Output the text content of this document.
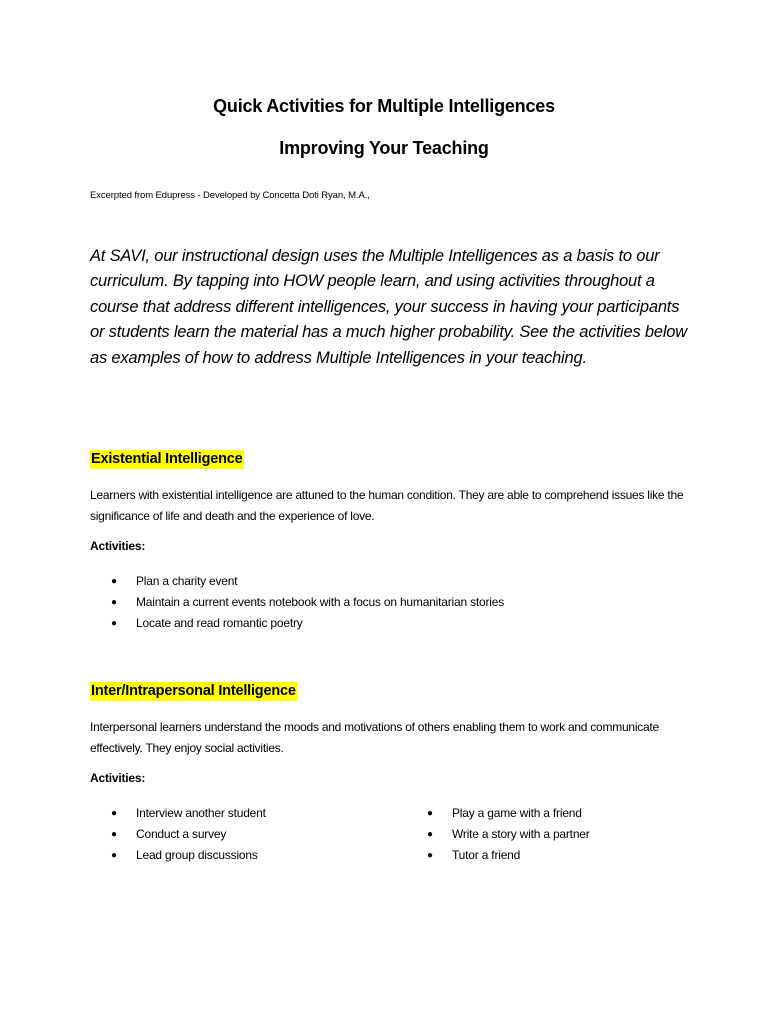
Quick Activities for Multiple Intelligences
Improving Your Teaching
Excerpted from Edupress - Developed by Concetta Doti Ryan, M.A.,
At SAVI, our instructional design uses the Multiple Intelligences as a basis to our curriculum. By tapping into HOW people learn, and using activities throughout a course that address different intelligences, your success in having your participants or students learn the material has a much higher probability. See the activities below as examples of how to address Multiple Intelligences in your teaching.
Existential Intelligence
Learners with existential intelligence are attuned to the human condition. They are able to comprehend issues like the significance of life and death and the experience of love.
Activities:
● Plan a charity event
● Maintain a current events notebook with a focus on humanitarian stories
● Locate and read romantic poetry
Inter/Intrapersonal Intelligence
Interpersonal learners understand the moods and motivations of others enabling them to work and communicate effectively. They enjoy social activities.
Activities:
● Interview another student
● Conduct a survey
● Lead group discussions
● Play a game with a friend
● Write a story with a partner
● Tutor a friend
